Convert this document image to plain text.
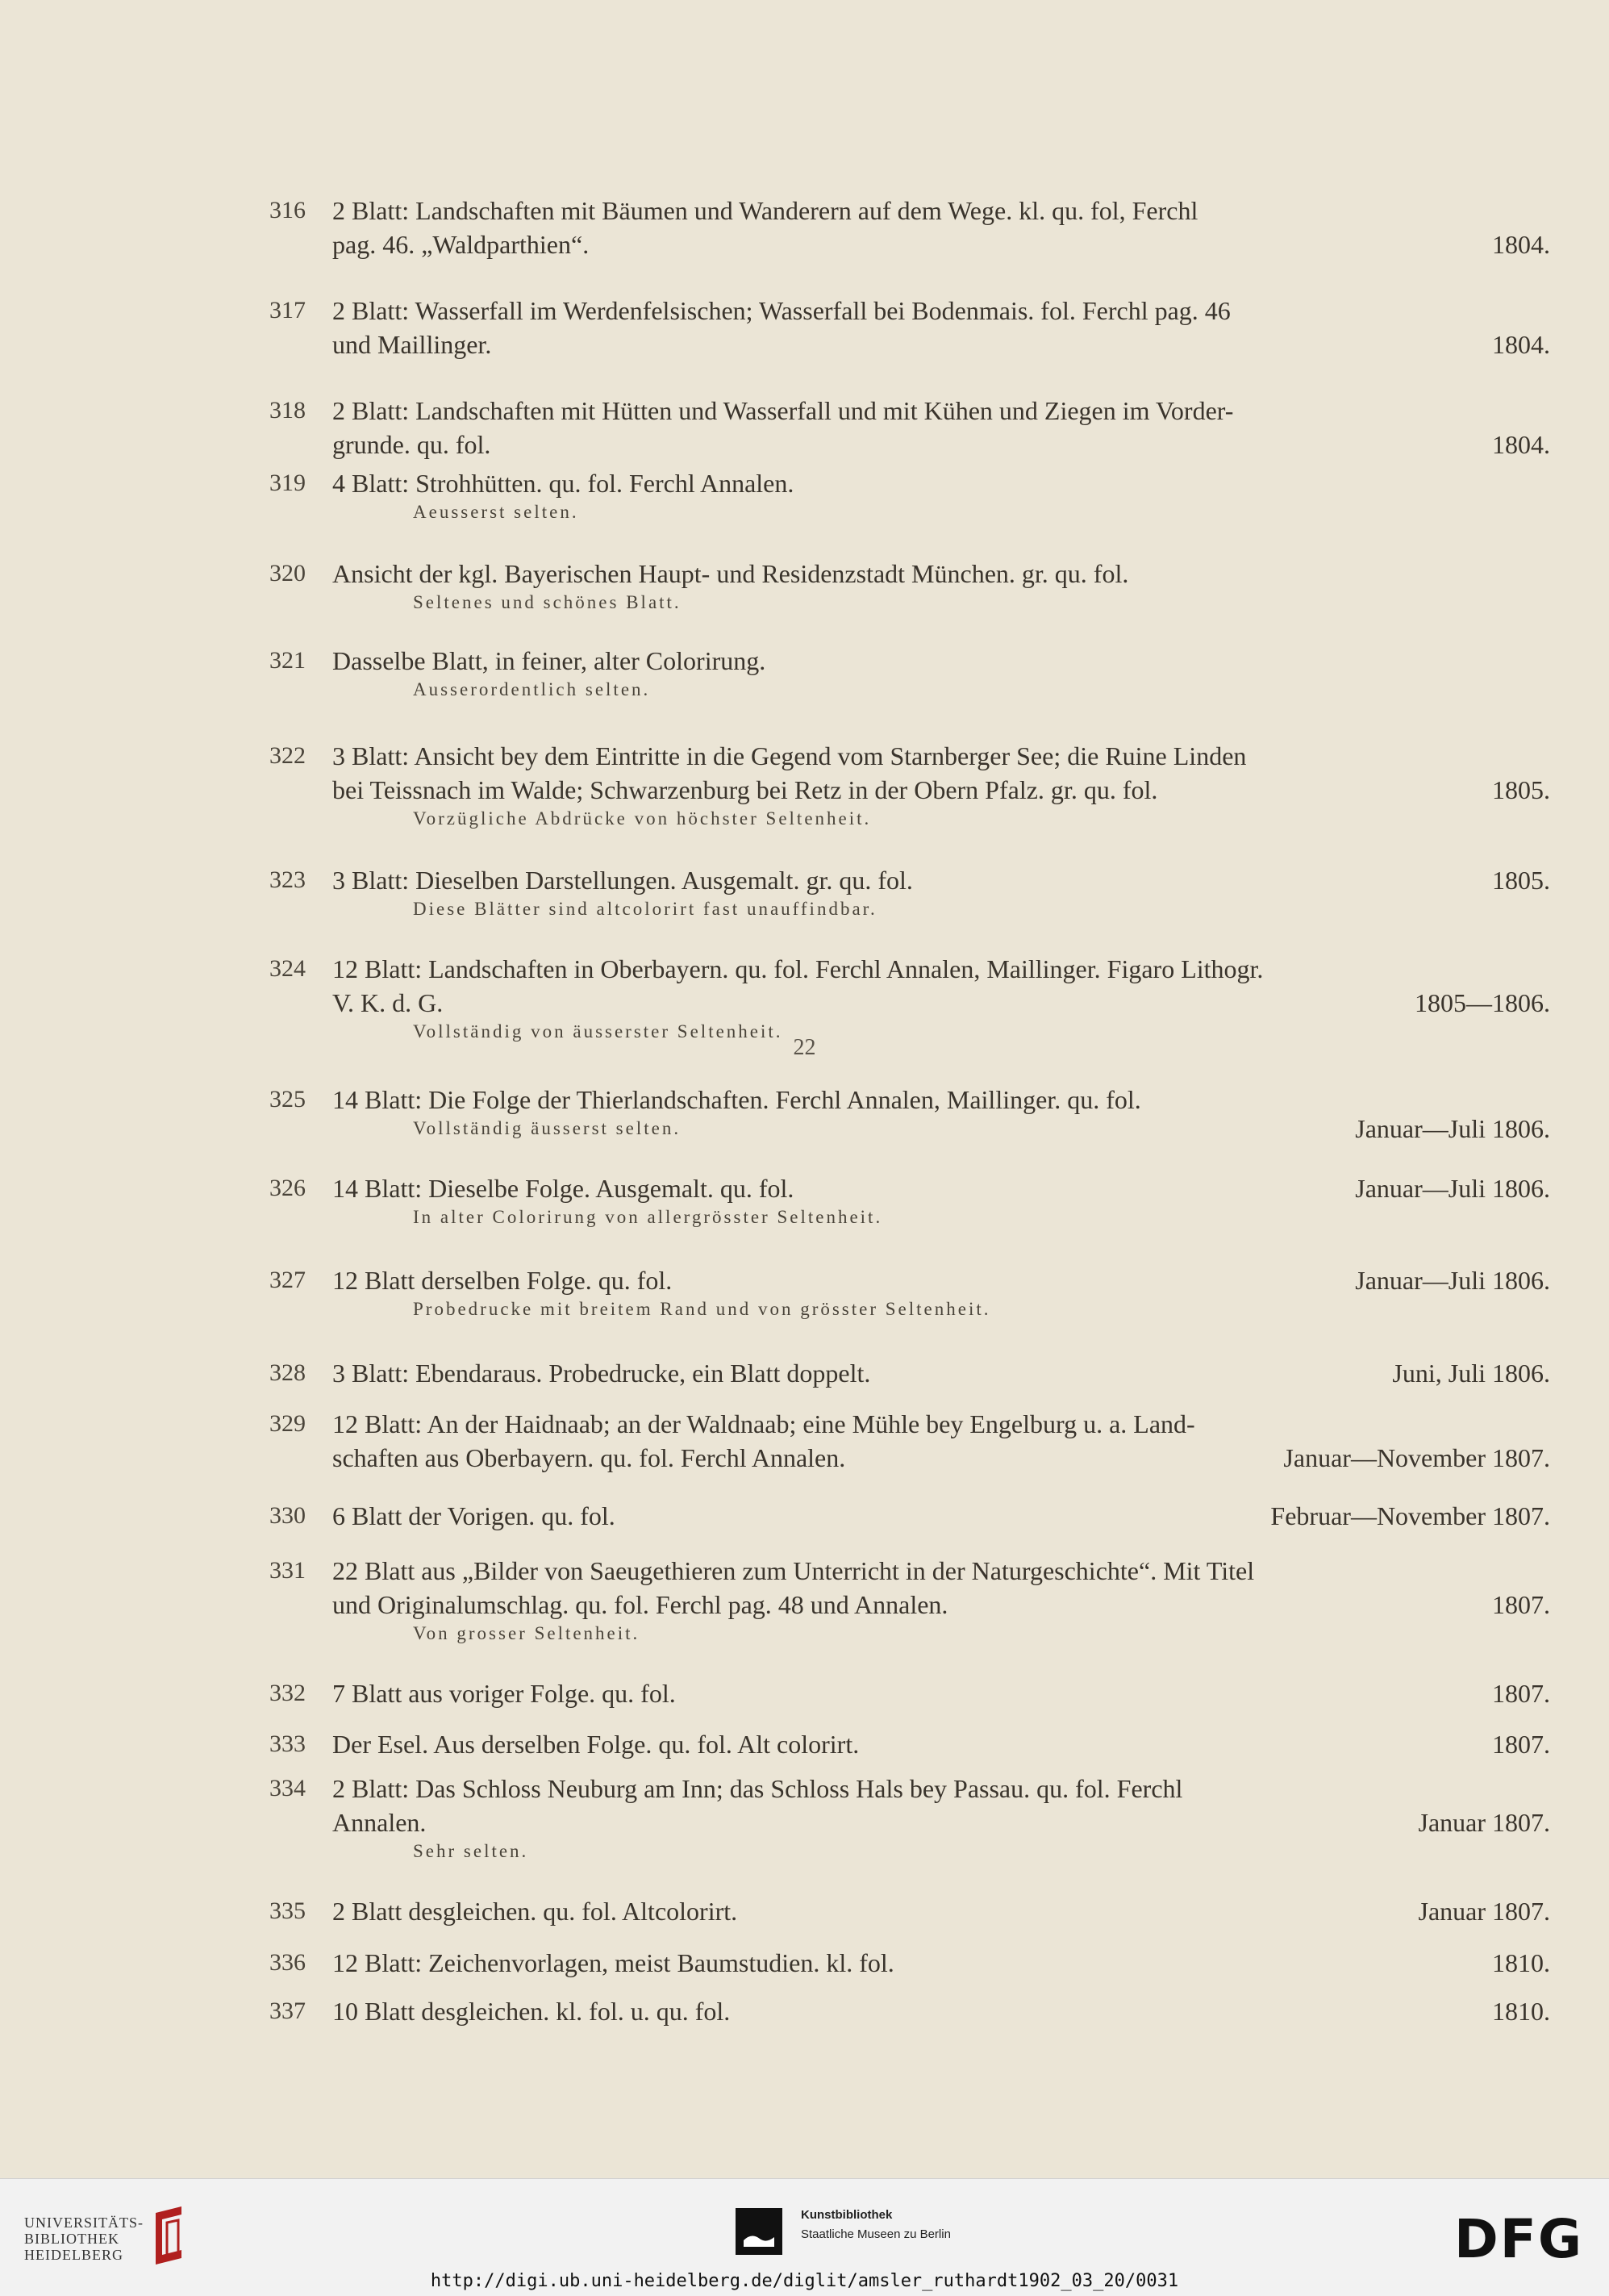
316 2 Blatt: Landschaften mit Bäumen und Wanderern auf dem Wege. kl. qu. fol, Ferchl
pag. 46. „Waldparthien“.	1804.
317 2 Blatt: Wasserfall im Werdenfelsischen; Wasserfall bei Bodenmais. fol. Ferchl pag. 46
und Maillinger.	1804.
318 2 Blatt: Landschaften mit Hütten und Wasserfall und mit Kühen und Ziegen im Vorder-
grunde. qu. fol.	1804.
319 4 Blatt: Strohhütten. qu. fol. Ferchl Annalen.
Aeusserst selten.
320 Ansicht der kgl. Bayerischen Haupt- und Residenzstadt München. gr. qu. fol.
Seltenes und schönes Blatt.
321 Dasselbe Blatt, in feiner, alter Colorirung.
Ausserordentlich selten.
322 3 Blatt: Ansicht bey dem Eintritte in die Gegend vom Starnberger See; die Ruine Linden
bei Teissnach im Walde; Schwarzenburg bei Retz in der Obern Pfalz. gr. qu. fol.	1805.
Vorzügliche Abdrücke von höchster Seltenheit.
323 3 Blatt: Dieselben Darstellungen. Ausgemalt. gr. qu. fol.	1805.
Diese Blätter sind altcolorirt fast unauffindbar.
324 12 Blatt: Landschaften in Oberbayern. qu. fol. Ferchl Annalen, Maillinger. Figaro Lithogr.
V. K. d. G.	1805—1806.
Vollständig von äusserster Seltenheit.
325 14 Blatt: Die Folge der Thierlandschaften. Ferchl Annalen, Maillinger. qu. fol.
Vollständig äusserst selten.	Januar—Juli 1806.
326 14 Blatt: Dieselbe Folge. Ausgemalt. qu. fol.	Januar—Juli 1806.
In alter Colorirung von allergrösster Seltenheit.
327 12 Blatt derselben Folge. qu. fol.	Januar—Juli 1806.
Probedrucke mit breitem Rand und von grösster Seltenheit.
328 3 Blatt: Ebendaraus. Probedrucke, ein Blatt doppelt.	Juni, Juli 1806.
329 12 Blatt: An der Haidnaab; an der Waldnaab; eine Mühle bey Engelburg u. a. Land-
schaften aus Oberbayern. qu. fol. Ferchl Annalen.	Januar—November 1807.
330 6 Blatt der Vorigen. qu. fol.	Februar—November 1807.
331 22 Blatt aus „Bilder von Saeugethieren zum Unterricht in der Naturgeschichte“. Mit Titel
und Originalumschlag. qu. fol. Ferchl pag. 48 und Annalen.	1807.
Von grosser Seltenheit.
332 7 Blatt aus voriger Folge. qu. fol.	1807.
333 Der Esel. Aus derselben Folge. qu. fol. Alt colorirt.	1807.
334 2 Blatt: Das Schloss Neuburg am Inn; das Schloss Hals bey Passau. qu. fol. Ferchl
Annalen.	Januar 1807.
Sehr selten.
335 2 Blatt desgleichen. qu. fol. Altcolorirt.	Januar 1807.
336 12 Blatt: Zeichenvorlagen, meist Baumstudien. kl. fol.	1810.
337 10 Blatt desgleichen. kl. fol. u. qu. fol.	1810.
22
UNIVERSITÄTS-
BIBLIOTHEK
HEIDELBERG
Kunstbibliothek
Staatliche Museen zu Berlin	DFG
http://digi.ub.uni-heidelberg.de/diglit/amsler_ruthardt1902_03_20/0031
